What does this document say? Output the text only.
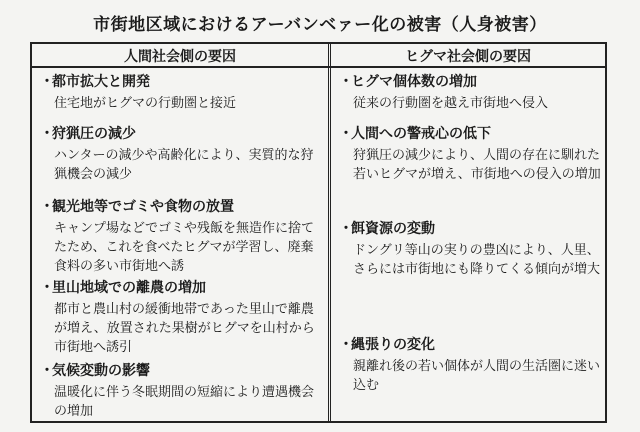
市街地区域におけるアーバンベァー化の被害（人身被害）
人間社会側の要因	ヒグマ社会側の要因
・都市拡大と開発
住宅地がヒグマの行動圏と接近
・狩猟圧の減少
ハンターの減少や高齢化により、実質的な狩猟機会の減少
・観光地等でゴミや食物の放置
キャンプ場などでゴミや残飯を無造作に捨てたため、これを食べたヒグマが学習し、廃棄食料の多い市街地へ誘
・里山地域での離農の増加
都市と農山村の緩衝地帯であった里山で離農が増え、放置された果樹がヒグマを山村から市街地へ誘引
・気候変動の影響
温暖化に伴う冬眠期間の短縮により遭遇機会の増加
・ヒグマ個体数の増加
従来の行動圏を越え市街地へ侵入
・人間への警戒心の低下
狩猟圧の減少により、人間の存在に馴れた若いヒグマが増え、市街地への侵入の増加
・餌資源の変動
ドングリ等山の実りの豊凶により、人里、さらには市街地にも降りてくる傾向が増大
・縄張りの変化
親離れ後の若い個体が人間の生活圏に迷い込む
